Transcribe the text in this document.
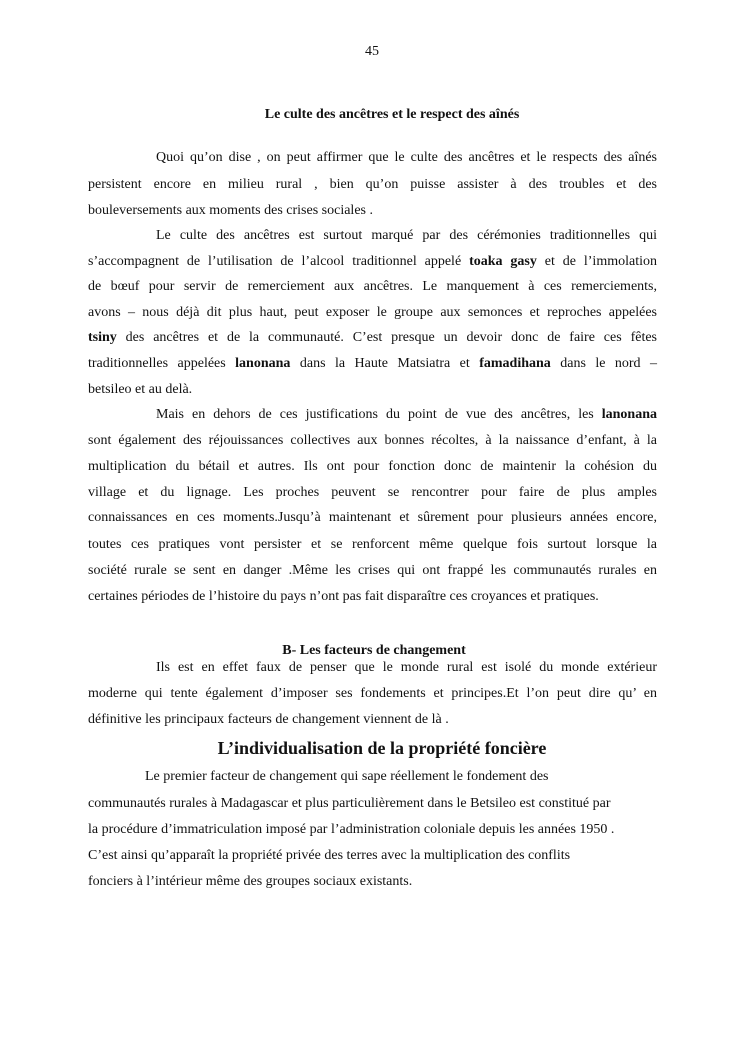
45
Le culte des ancêtres et le respect des aînés
B- Les facteurs de changement
L’individualisation de la propriété foncière
Quoi qu’on dise , on peut affirmer que le culte des ancêtres et le respects des aînés
persistent encore en milieu rural , bien qu’on puisse assister à des troubles et des
bouleversements aux moments des crises sociales .
Le culte des ancêtres est surtout marqué par des cérémonies traditionnelles qui
s’accompagnent de l’utilisation de l’alcool traditionnel appelé toaka gasy et de l’immolation
de bœuf pour servir de remerciement aux ancêtres. Le manquement à ces remerciements,
avons – nous déjà dit plus haut, peut exposer le groupe aux semonces et reproches appelées
tsiny des ancêtres et de la communauté. C’est presque un devoir donc de faire ces fêtes
traditionnelles appelées lanonana dans la Haute Matsiatra et famadihana dans le nord –
betsileo et au delà.
Mais en dehors de ces justifications du point de vue des ancêtres, les lanonana
sont également des réjouissances collectives aux bonnes récoltes, à la naissance d’enfant, à la
multiplication du bétail et autres. Ils ont pour fonction donc de maintenir la cohésion du
village et du lignage. Les proches peuvent se rencontrer pour faire de plus amples
connaissances en ces moments.Jusqu’à maintenant et sûrement pour plusieurs années encore,
toutes ces pratiques vont persister et se renforcent même quelque fois surtout lorsque la
société rurale se sent en danger .Même les crises qui ont frappé les communautés rurales en
certaines périodes de l’histoire du pays n’ont pas fait disparaître ces croyances et pratiques.
Ils est en effet faux de penser que le monde rural est isolé du monde extérieur
moderne qui tente également d’imposer ses fondements et principes.Et l’on peut dire qu’ en
définitive les principaux facteurs de changement viennent de là .
Le premier facteur de changement qui sape réellement le fondement des
communautés rurales à Madagascar et plus particulièrement dans le Betsileo est constitué par
la procédure d’immatriculation imposé par l’administration coloniale depuis les années 1950 .
C’est ainsi qu’apparaît la propriété privée des terres avec la multiplication des conflits
fonciers à l’intérieur même des groupes sociaux existants.
